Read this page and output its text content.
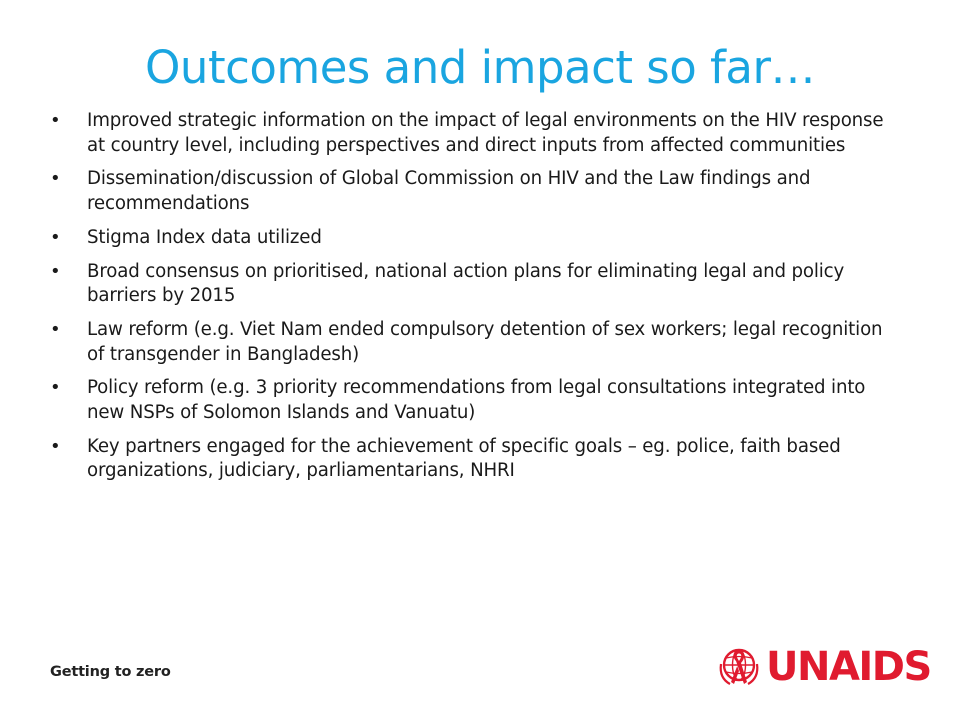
Outcomes and impact so far…
• Improved strategic information on the impact of legal environments on the HIV response at country level, including perspectives and direct inputs from affected communities
• Dissemination/discussion of Global Commission on HIV and the Law findings and recommendations
• Stigma Index data utilized
• Broad consensus on prioritised, national action plans for eliminating legal and policy barriers by 2015
• Law reform (e.g. Viet Nam ended compulsory detention of sex workers; legal recognition of transgender in Bangladesh)
• Policy reform (e.g. 3 priority recommendations from legal consultations integrated into new NSPs of Solomon Islands and Vanuatu)
• Key partners engaged for the achievement of specific goals – eg. police, faith based organizations, judiciary, parliamentarians, NHRI
Getting to zero	UNAIDS
